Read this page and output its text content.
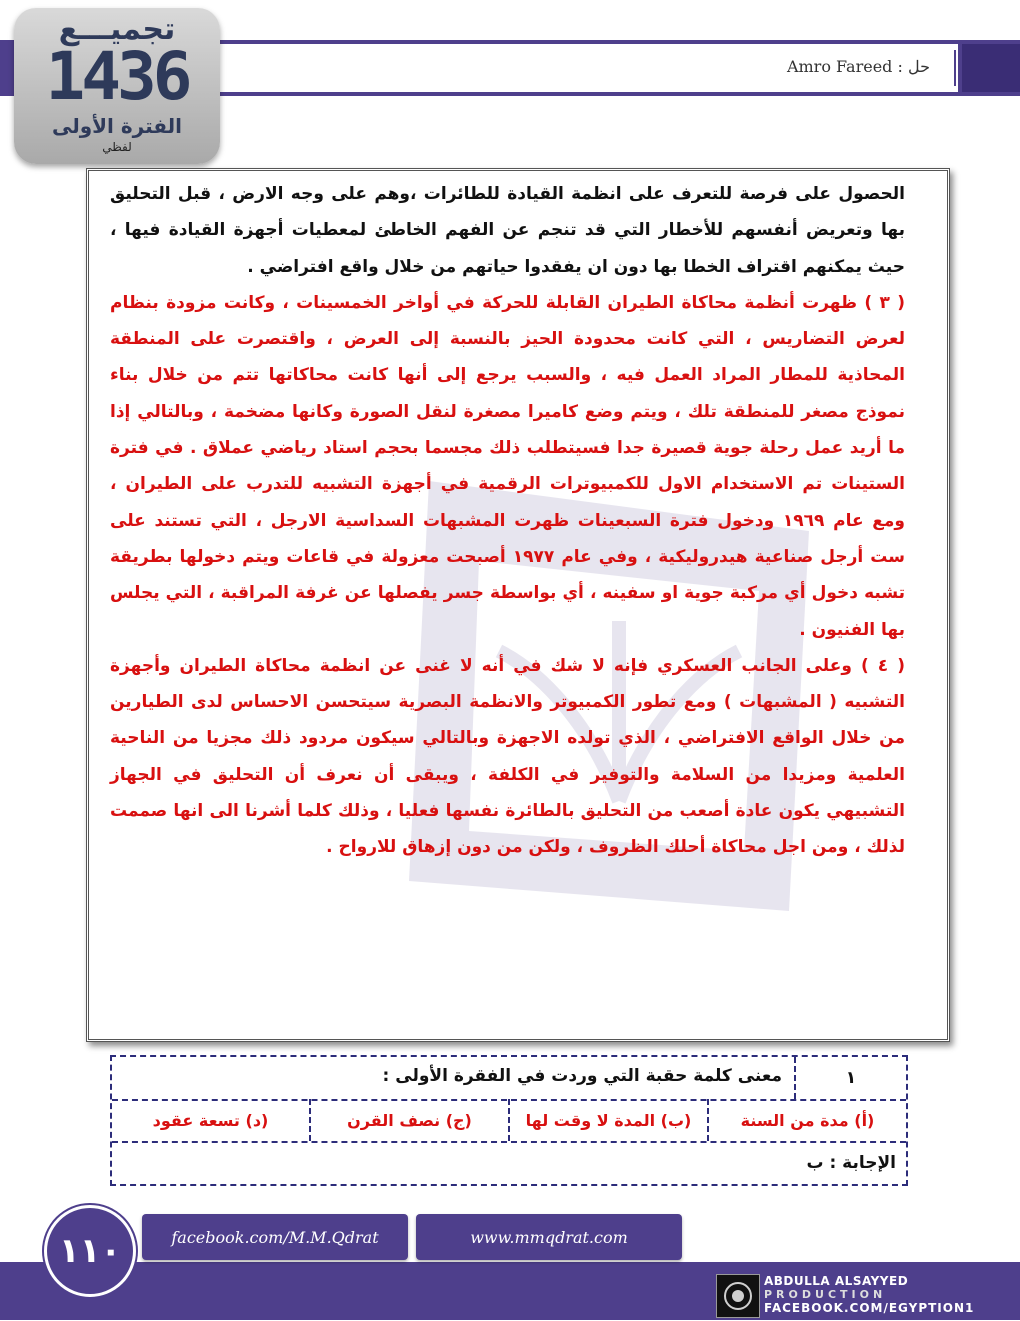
حل : Amro Fareed
تجميـــع
1436
الفترة الأولى
لفظي

الحصول على فرصة للتعرف على انظمة القيادة للطائرات ،وهم على وجه الارض ، قبل التحليق بها وتعريض أنفسهم للأخطار التي قد تنجم عن الفهم الخاطئ لمعطيات أجهزة القيادة فيها ، حيث يمكنهم اقتراف الخطا بها دون ان يفقدوا حياتهم من خلال واقع افتراضي .

( ٣ ) ظهرت أنظمة محاكاة الطيران القابلة للحركة في أواخر الخمسينات ، وكانت مزودة بنظام لعرض التضاريس ، التي كانت محدودة الحيز بالنسبة إلى العرض ، واقتصرت على المنطقة المحاذية للمطار المراد العمل فيه ، والسبب يرجع إلى أنها كانت محاكاتها تتم من خلال بناء نموذج مصغر للمنطقة تلك ، ويتم وضع كاميرا مصغرة لنقل الصورة وكانها مضخمة ، وبالتالي إذا ما أريد عمل رحلة جوية قصيرة جدا فسيتطلب ذلك مجسما بحجم استاد رياضي عملاق . في فترة الستينات تم الاستخدام الاول للكمبيوترات الرقمية في أجهزة التشبيه للتدرب على الطيران ، ومع عام ١٩٦٩ ودخول فترة السبعينات ظهرت المشبهات السداسية الارجل ، التي تستند على ست أرجل صناعية هيدروليكية ، وفي عام ١٩٧٧ أصبحت معزولة في قاعات ويتم دخولها بطريقة تشبه دخول أي مركبة جوية او سفينه ، أي بواسطة جسر يفصلها عن غرفة المراقبة ، التي يجلس بها الفنيون .

( ٤ ) وعلى الجانب العسكري فإنه لا شك في أنه لا غنى عن انظمة محاكاة الطيران وأجهزة التشبيه ( المشبهات ) ومع تطور الكمبيوتر والانظمة البصرية سيتحسن الاحساس لدى الطيارين من خلال الواقع الافتراضي ، الذي تولده الاجهزة وبالتالي سيكون مردود ذلك مجزيا من الناحية العلمية ومزيدا من السلامة والتوفير في الكلفة ، ويبقى أن نعرف أن التحليق في الجهاز التشبيهي يكون عادة أصعب من التحليق بالطائرة نفسها فعليا ، وذلك كلما أشرنا الى انها صممت لذلك ، ومن اجل محاكاة أحلك الظروف ، ولكن من دون إزهاق للارواح .

١
معنى كلمة حقبة التي وردت في الفقرة الأولى :
(أ) مدة من السنة
(ب) المدة لا وقت لها
(ج) نصف القرن
(د) تسعة عقود
الإجابة : ب
١١٠	facebook.com/M.M.Qdrat	www.mmqdrat.com
ABDULLA ALSAYYED
PRODUCTION
FACEBOOK.COM/EGYPTION1
